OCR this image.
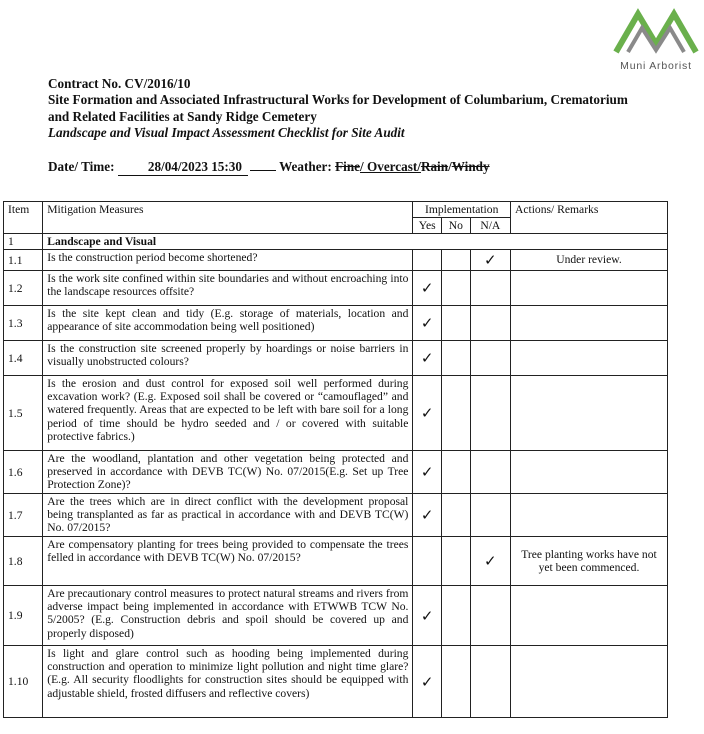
Muni Arborist
Contract No. CV/2016/10
Site Formation and Associated Infrastructural Works for Development of Columbarium, Crematorium
and Related Facilities at Sandy Ridge Cemetery
Landscape and Visual Impact Assessment Checklist for Site Audit
Date/ Time:	28/04/2023 15:30	Weather: Fine/ Overcast/Rain/Windy
Item	Mitigation Measures	Implementation			Actions/ Remarks
		Yes	No	N/A	
1	Landscape and Visual				
1.1	Is the construction period become shortened?			✓	Under review.
1.2	Is the work site confined within site boundaries and without encroaching into the landscape resources offsite?	✓			
1.3	Is the site kept clean and tidy (E.g. storage of materials, location and appearance of site accommodation being well positioned)	✓			
1.4	Is the construction site screened properly by hoardings or noise barriers in visually unobstructed colours?	✓			
1.5	Is the erosion and dust control for exposed soil well performed during excavation work? (E.g. Exposed soil shall be covered or “camouflaged” and watered frequently. Areas that are expected to be left with bare soil for a long period of time should be hydro seeded and / or covered with suitable protective fabrics.)	✓			
1.6	Are the woodland, plantation and other vegetation being protected and preserved in accordance with DEVB TC(W) No. 07/2015(E.g. Set up Tree Protection Zone)?	✓			
1.7	Are the trees which are in direct conflict with the development proposal being transplanted as far as practical in accordance with and DEVB TC(W) No. 07/2015?	✓			
1.8	Are compensatory planting for trees being provided to compensate the trees felled in accordance with DEVB TC(W) No. 07/2015?			✓	Tree planting works have not yet been commenced.
1.9	Are precautionary control measures to protect natural streams and rivers from adverse impact being implemented in accordance with ETWWB TCW No. 5/2005? (E.g. Construction debris and spoil should be covered up and properly disposed)	✓			
1.10	Is light and glare control such as hooding being implemented during construction and operation to minimize light pollution and night time glare? (E.g. All security floodlights for construction sites should be equipped with adjustable shield, frosted diffusers and reflective covers)	✓			
